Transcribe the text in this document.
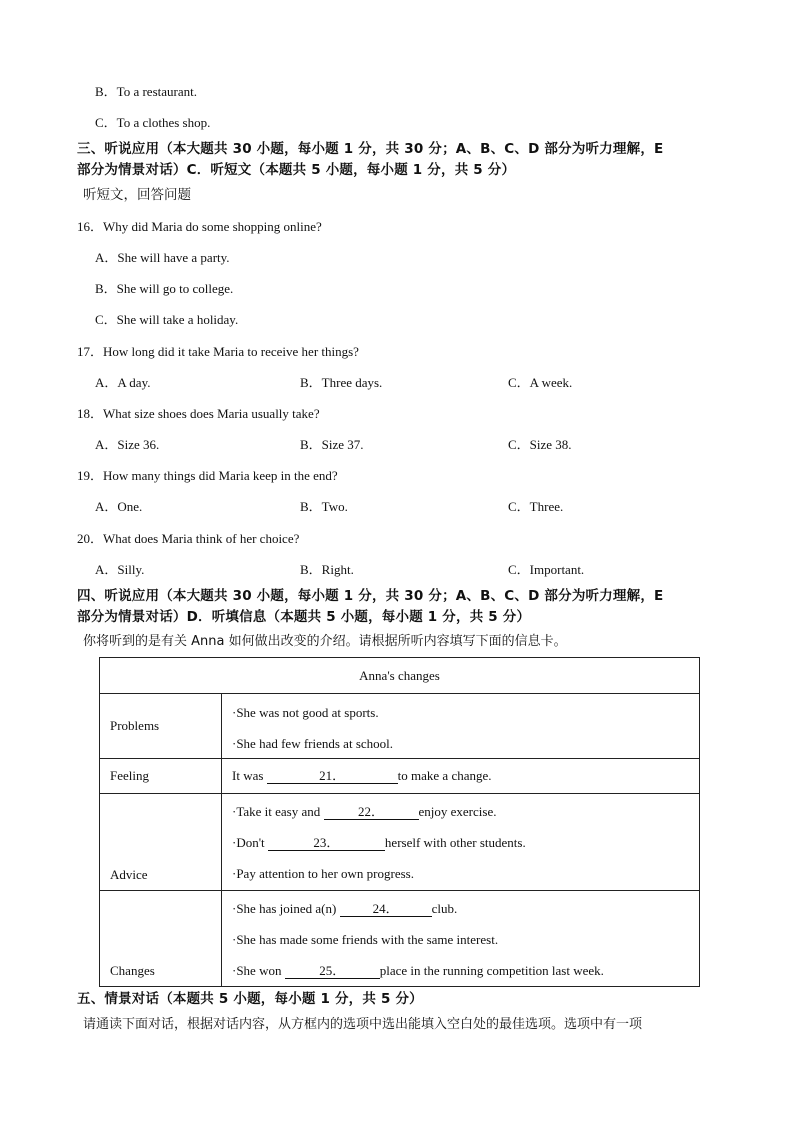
B．To a restaurant.
C．To a clothes shop.
三、听说应用（本大题共 30 小题，每小题 1 分，共 30 分；A、B、C、D 部分为听力理解，E
部分为情景对话）C．听短文（本题共 5 小题，每小题 1 分，共 5 分）
听短文，回答问题
16．Why did Maria do some shopping online?
A．She will have a party.
B．She will go to college.
C．She will take a holiday.
17．How long did it take Maria to receive her things?
A．A day.	B．Three days.	C．A week.
18．What size shoes does Maria usually take?
A．Size 36.	B．Size 37.	C．Size 38.
19．How many things did Maria keep in the end?
A．One.	B．Two.	C．Three.
20．What does Maria think of her choice?
A．Silly.	B．Right.	C．Important.
四、听说应用（本大题共 30 小题，每小题 1 分，共 30 分；A、B、C、D 部分为听力理解，E
部分为情景对话）D．听填信息（本题共 5 小题，每小题 1 分，共 5 分）
你将听到的是有关 Anna 如何做出改变的介绍。请根据所听内容填写下面的信息卡。
Anna's changes	
Problems	·She was not good at sports.
·She had few friends at school.

Feeling	It was 21． to make a change.
Advice	·Take it easy and 22． enjoy exercise.
·Don't 23． herself with other students.
·Pay attention to her own progress.

Changes	·She has joined a(n) 24． club.
·She has made some friends with the same interest.
·She won 25． place in the running competition last week.
五、情景对话（本题共 5 小题，每小题 1 分，共 5 分）
请通读下面对话，根据对话内容，从方框内的选项中选出能填入空白处的最佳选项。选项中有一项
